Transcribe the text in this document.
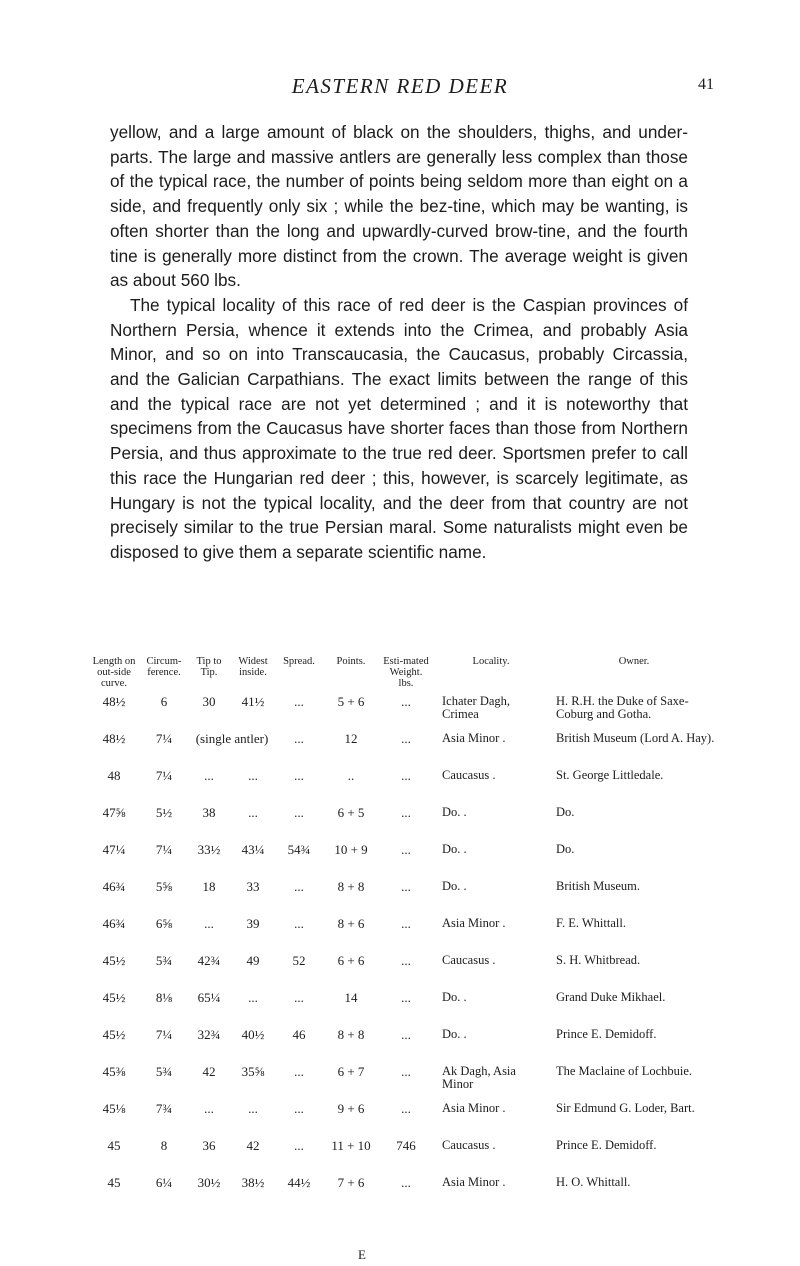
EASTERN RED DEER	41

yellow, and a large amount of black on the shoulders, thighs, and under-parts. The large and massive antlers are generally less complex than those of the typical race, the number of points being seldom more than eight on a side, and frequently only six ; while the bez-tine, which may be wanting, is often shorter than the long and upwardly-curved brow-tine, and the fourth tine is generally more distinct from the crown. The average weight is given as about 560 lbs.

The typical locality of this race of red deer is the Caspian provinces of Northern Persia, whence it extends into the Crimea, and probably Asia Minor, and so on into Transcaucasia, the Caucasus, probably Circassia, and the Galician Carpathians. The exact limits between the range of this and the typical race are not yet determined ; and it is noteworthy that specimens from the Caucasus have shorter faces than those from Northern Persia, and thus approximate to the true red deer. Sportsmen prefer to call this race the Hungarian red deer ; this, however, is scarcely legitimate, as Hungary is not the typical locality, and the deer from that country are not precisely similar to the true Persian maral. Some naturalists might even be disposed to give them a separate scientific name.

Length on out-side curve.	Circum-ference.	Tip to Tip.	Widest inside.	Spread.	Points.	Esti-mated Weight. lbs.	Locality.	Owner.
48½	6	30	41½	...	5 + 6	...	Ichater Dagh, Crimea	H. R.H. the Duke of Saxe-Coburg and Gotha.
48½	7¼	(single antler)		...	12	...	Asia Minor .	British Museum (Lord A. Hay).
48	7¼	...	...	...	..	...	Caucasus .	St. George Littledale.
47⅝	5½	38	...	...	6 + 5	...	Do. .	Do.
47¼	7¼	33½	43¼	54¾	10 + 9	...	Do. .	Do.
46¾	5⅝	18	33	...	8 + 8	...	Do. .	British Museum.
46¾	6⅝	...	39	...	8 + 6	...	Asia Minor .	F. E. Whittall.
45½	5¾	42¾	49	52	6 + 6	...	Caucasus .	S. H. Whitbread.
45½	8⅛	65¼	...	...	14	...	Do. .	Grand Duke Mikhael.
45½	7¼	32¾	40½	46	8 + 8	...	Do. .	Prince E. Demidoff.
45⅜	5¾	42	35⅝	...	6 + 7	...	Ak Dagh, Asia Minor	The Maclaine of Lochbuie.
45⅛	7¾	...	...	...	9 + 6	...	Asia Minor .	Sir Edmund G. Loder, Bart.
45	8	36	42	...	11 + 10	746	Caucasus .	Prince E. Demidoff.
45	6¼	30½	38½	44½	7 + 6	...	Asia Minor .	H. O. Whittall.
E
